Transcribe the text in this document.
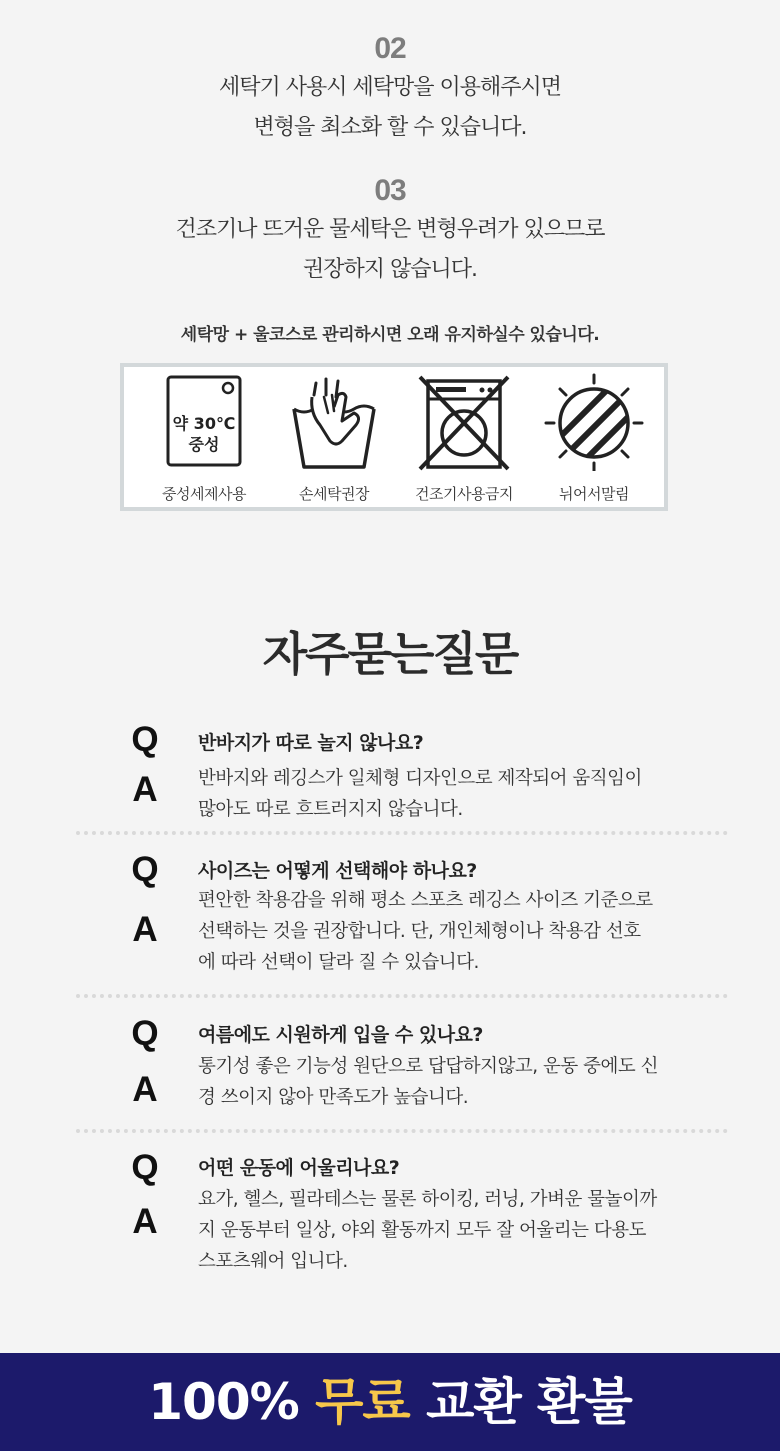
02
세탁기 사용시 세탁망을 이용해주시면
변형을 최소화 할 수 있습니다.
03
건조기나 뜨거운 물세탁은 변형우려가 있으므로
권장하지 않습니다.
세탁망 + 울코스로 관리하시면 오래 유지하실수 있습니다.
약 30℃
중성
중성세제사용	손세탁권장	건조기사용금지	뉘어서말림
자주묻는질문
Q
A
반바지가 따로 놀지 않나요?
반바지와 레깅스가 일체형 디자인으로 제작되어 움직임이
많아도 따로 흐트러지지 않습니다.
Q
A
사이즈는 어떻게 선택해야 하나요?
편안한 착용감을 위해 평소 스포츠 레깅스 사이즈 기준으로
선택하는 것을 권장합니다. 단, 개인체형이나 착용감 선호
에 따라 선택이 달라 질 수 있습니다.
Q
A
여름에도 시원하게 입을 수 있나요?
통기성 좋은 기능성 원단으로 답답하지않고, 운동 중에도 신
경 쓰이지 않아 만족도가 높습니다.
Q
A
어떤 운동에 어울리나요?
요가, 헬스, 필라테스는 물론 하이킹, 러닝, 가벼운 물놀이까
지 운동부터 일상, 야외 활동까지 모두 잘 어울리는 다용도
스포츠웨어 입니다.
100% 무료 교환 환불
